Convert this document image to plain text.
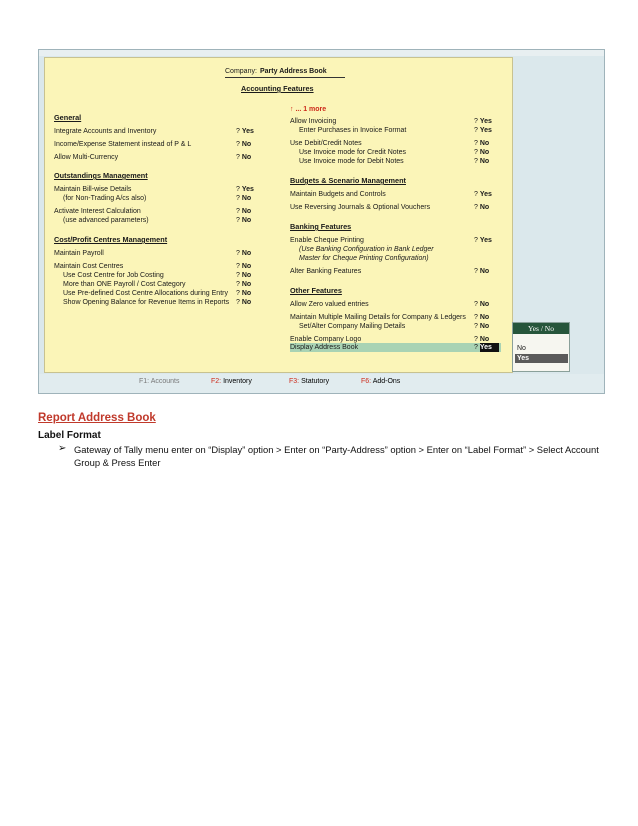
Company: Party Address Book
Accounting Features
General
Integrate Accounts and Inventory	? Yes
Income/Expense Statement instead of P & L	? No
Allow Multi-Currency	? No
Outstandings Management
Maintain Bill-wise Details	? Yes
(for Non-Trading A/cs also)	? No
Activate Interest Calculation	? No
(use advanced parameters)	? No
Cost/Profit Centres Management
Maintain Payroll	? No
Maintain Cost Centres	? No
Use Cost Centre for Job Costing	? No
More than ONE Payroll / Cost Category	? No
Use Pre-defined Cost Centre Allocations during Entry ? No
Show Opening Balance for Revenue Items in Reports ? No
↑ ... 1 more
Allow Invoicing	? Yes
Enter Purchases in Invoice Format	? Yes
Use Debit/Credit Notes	? No
Use Invoice mode for Credit Notes	? No
Use Invoice mode for Debit Notes	? No
Budgets & Scenario Management
Maintain Budgets and Controls	? Yes
Use Reversing Journals & Optional Vouchers	? No
Banking Features
Enable Cheque Printing	? Yes
(Use Banking Configuration in Bank Ledger
Master for Cheque Printing Configuration)
Alter Banking Features	? No
Other Features
Allow Zero valued entries	? No
Maintain Multiple Mailing Details for Company & Ledgers ? No
Set/Alter Company Mailing Details	? No
Enable Company Logo	? No
Display Address Book	? Yes
Yes / No
No
Yes
F1: Accounts	F2: Inventory	F3: Statutory	F6: Add-Ons
Report Address Book
Label Format
➢ Gateway of Tally menu enter on “Display” option > Enter on “Party-Address” option > Enter on “Label Format” > Select Account Group & Press Enter
